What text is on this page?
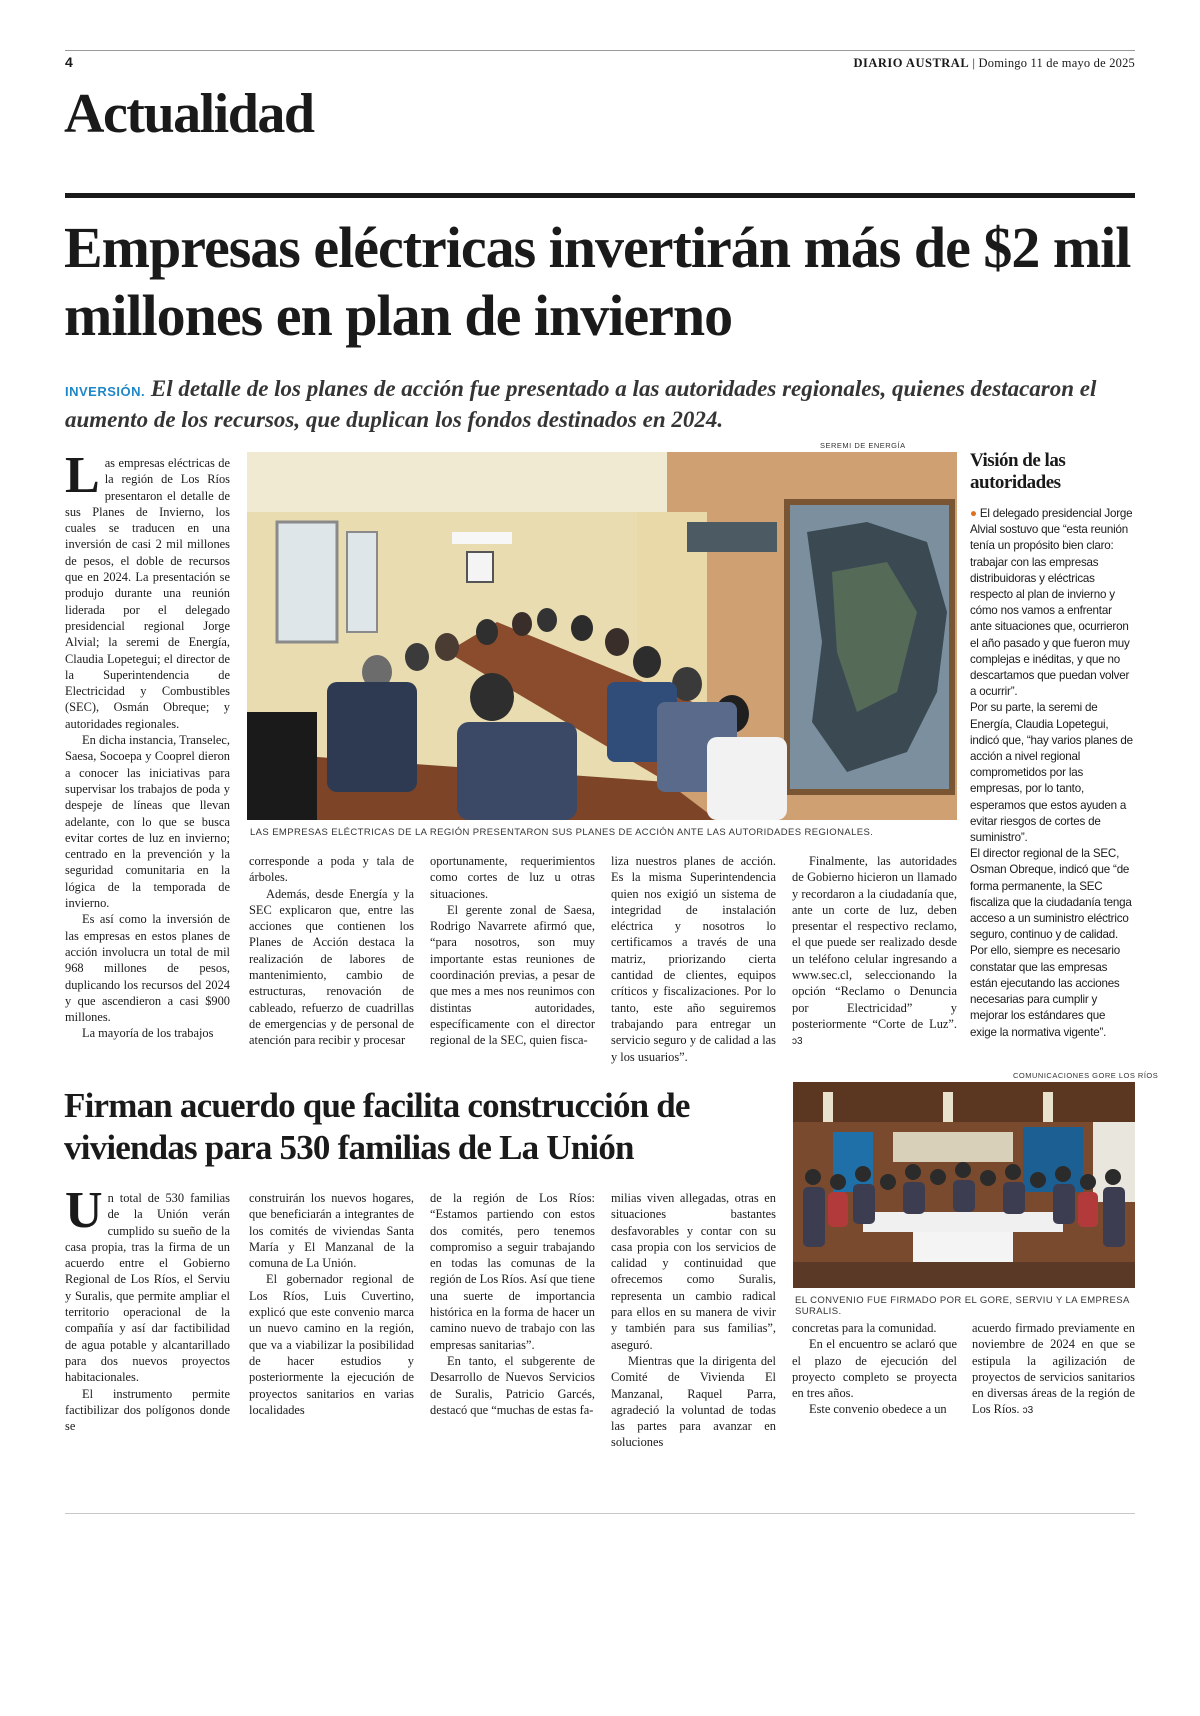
4	DIARIO AUSTRAL | Domingo 11 de mayo de 2025
Actualidad
Empresas eléctricas invertirán más de $2 mil millones en plan de invierno
INVERSIÓN. El detalle de los planes de acción fue presentado a las autoridades regionales, quienes destacaron el aumento de los recursos, que duplican los fondos destinados en 2024.

Las empresas eléctricas de la región de Los Ríos presentaron el detalle de sus Planes de Invierno, los cuales se traducen en una inversión de casi 2 mil millones de pesos, el doble de recursos que en 2024. La presentación se produjo durante una reunión liderada por el delegado presidencial regional Jorge Alvial; la seremi de Energía, Claudia Lopetegui; el director de la Superintendencia de Electricidad y Combustibles (SEC), Osmán Obreque; y autoridades regionales.

En dicha instancia, Transelec, Saesa, Socoepa y Cooprel dieron a conocer las iniciativas para supervisar los trabajos de poda y despeje de líneas que llevan adelante, con lo que se busca evitar cortes de luz en invierno; centrado en la prevención y la seguridad comunitaria en la lógica de la temporada de invierno.

Es así como la inversión de las empresas en estos planes de acción involucra un total de mil 968 millones de pesos, duplicando los recursos del 2024 y que ascendieron a casi $900 millones.

La mayoría de los trabajos

SEREMI DE ENERGÍA
LAS EMPRESAS ELÉCTRICAS DE LA REGIÓN PRESENTARON SUS PLANES DE ACCIÓN ANTE LAS AUTORIDADES REGIONALES.

corresponde a poda y tala de árboles.

Además, desde Energía y la SEC explicaron que, entre las acciones que contienen los Planes de Acción destaca la realización de labores de mantenimiento, cambio de estructuras, renovación de cableado, refuerzo de cuadrillas de emergencias y de personal de atención para recibir y procesar

oportunamente, requerimientos como cortes de luz u otras situaciones.

El gerente zonal de Saesa, Rodrigo Navarrete afirmó que, “para nosotros, son muy importante estas reuniones de coordinación previas, a pesar de que mes a mes nos reunimos con distintas autoridades, específicamente con el director regional de la SEC, quien fisca-

liza nuestros planes de acción. Es la misma Superintendencia quien nos exigió un sistema de integridad de instalación eléctrica y nosotros lo certificamos a través de una matriz, priorizando cierta cantidad de clientes, equipos críticos y fiscalizaciones. Por lo tanto, este año seguiremos trabajando para entregar un servicio seguro y de calidad a las y los usuarios”.

Finalmente, las autoridades de Gobierno hicieron un llamado y recordaron a la ciudadanía que, ante un corte de luz, deben presentar el respectivo reclamo, el que puede ser realizado desde un teléfono celular ingresando a www.sec.cl, seleccionando la opción “Reclamo o Denuncia por Electricidad” y posteriormente “Corte de Luz”. ↄ3

Visión de las autoridades

● El delegado presidencial Jorge Alvial sostuvo que “esta reunión tenía un propósito bien claro: trabajar con las empresas distribuidoras y eléctricas respecto al plan de invierno y cómo nos vamos a enfrentar ante situaciones que, ocurrieron el año pasado y que fueron muy complejas e inéditas, y que no descartamos que puedan volver a ocurrir”.

Por su parte, la seremi de Energía, Claudia Lopetegui, indicó que, “hay varios planes de acción a nivel regional comprometidos por las empresas, por lo tanto, esperamos que estos ayuden a evitar riesgos de cortes de suministro”.

El director regional de la SEC, Osman Obreque, indicó que “de forma permanente, la SEC fiscaliza que la ciudadanía tenga acceso a un suministro eléctrico seguro, continuo y de calidad. Por ello, siempre es necesario constatar que las empresas están ejecutando las acciones necesarias para cumplir y mejorar los estándares que exige la normativa vigente”.

Firman acuerdo que facilita construcción de viviendas para 530 familias de La Unión
COMUNICACIONES GORE LOS RÍOS
EL CONVENIO FUE FIRMADO POR EL GORE, SERVIU Y LA EMPRESA SURALIS.

Un total de 530 familias de la Unión verán cumplido su sueño de la casa propia, tras la firma de un acuerdo entre el Gobierno Regional de Los Ríos, el Serviu y Suralis, que permite ampliar el territorio operacional de la compañía y así dar factibilidad de agua potable y alcantarillado para dos nuevos proyectos habitacionales.

El instrumento permite factibilizar dos polígonos donde se

construirán los nuevos hogares, que beneficiarán a integrantes de los comités de viviendas Santa María y El Manzanal de la comuna de La Unión.

El gobernador regional de Los Ríos, Luis Cuvertino, explicó que este convenio marca un nuevo camino en la región, que va a viabilizar la posibilidad de hacer estudios y posteriormente la ejecución de proyectos sanitarios en varias localidades

de la región de Los Ríos: “Estamos partiendo con estos dos comités, pero tenemos compromiso a seguir trabajando en todas las comunas de la región de Los Ríos. Así que tiene una suerte de importancia histórica en la forma de hacer un camino nuevo de trabajo con las empresas sanitarias”.

En tanto, el subgerente de Desarrollo de Nuevos Servicios de Suralis, Patricio Garcés, destacó que “muchas de estas fa-

milias viven allegadas, otras en situaciones bastantes desfavorables y contar con su casa propia con los servicios de calidad y continuidad que ofrecemos como Suralis, representa un cambio radical para ellos en su manera de vivir y también para sus familias”, aseguró.

Mientras que la dirigenta del Comité de Vivienda El Manzanal, Raquel Parra, agradeció la voluntad de todas las partes para avanzar en soluciones

concretas para la comunidad.

En el encuentro se aclaró que el plazo de ejecución del proyecto completo se proyecta en tres años.

Este convenio obedece a un

acuerdo firmado previamente en noviembre de 2024 en que se estipula la agilización de proyectos de servicios sanitarios en diversas áreas de la región de Los Ríos. ↄ3
